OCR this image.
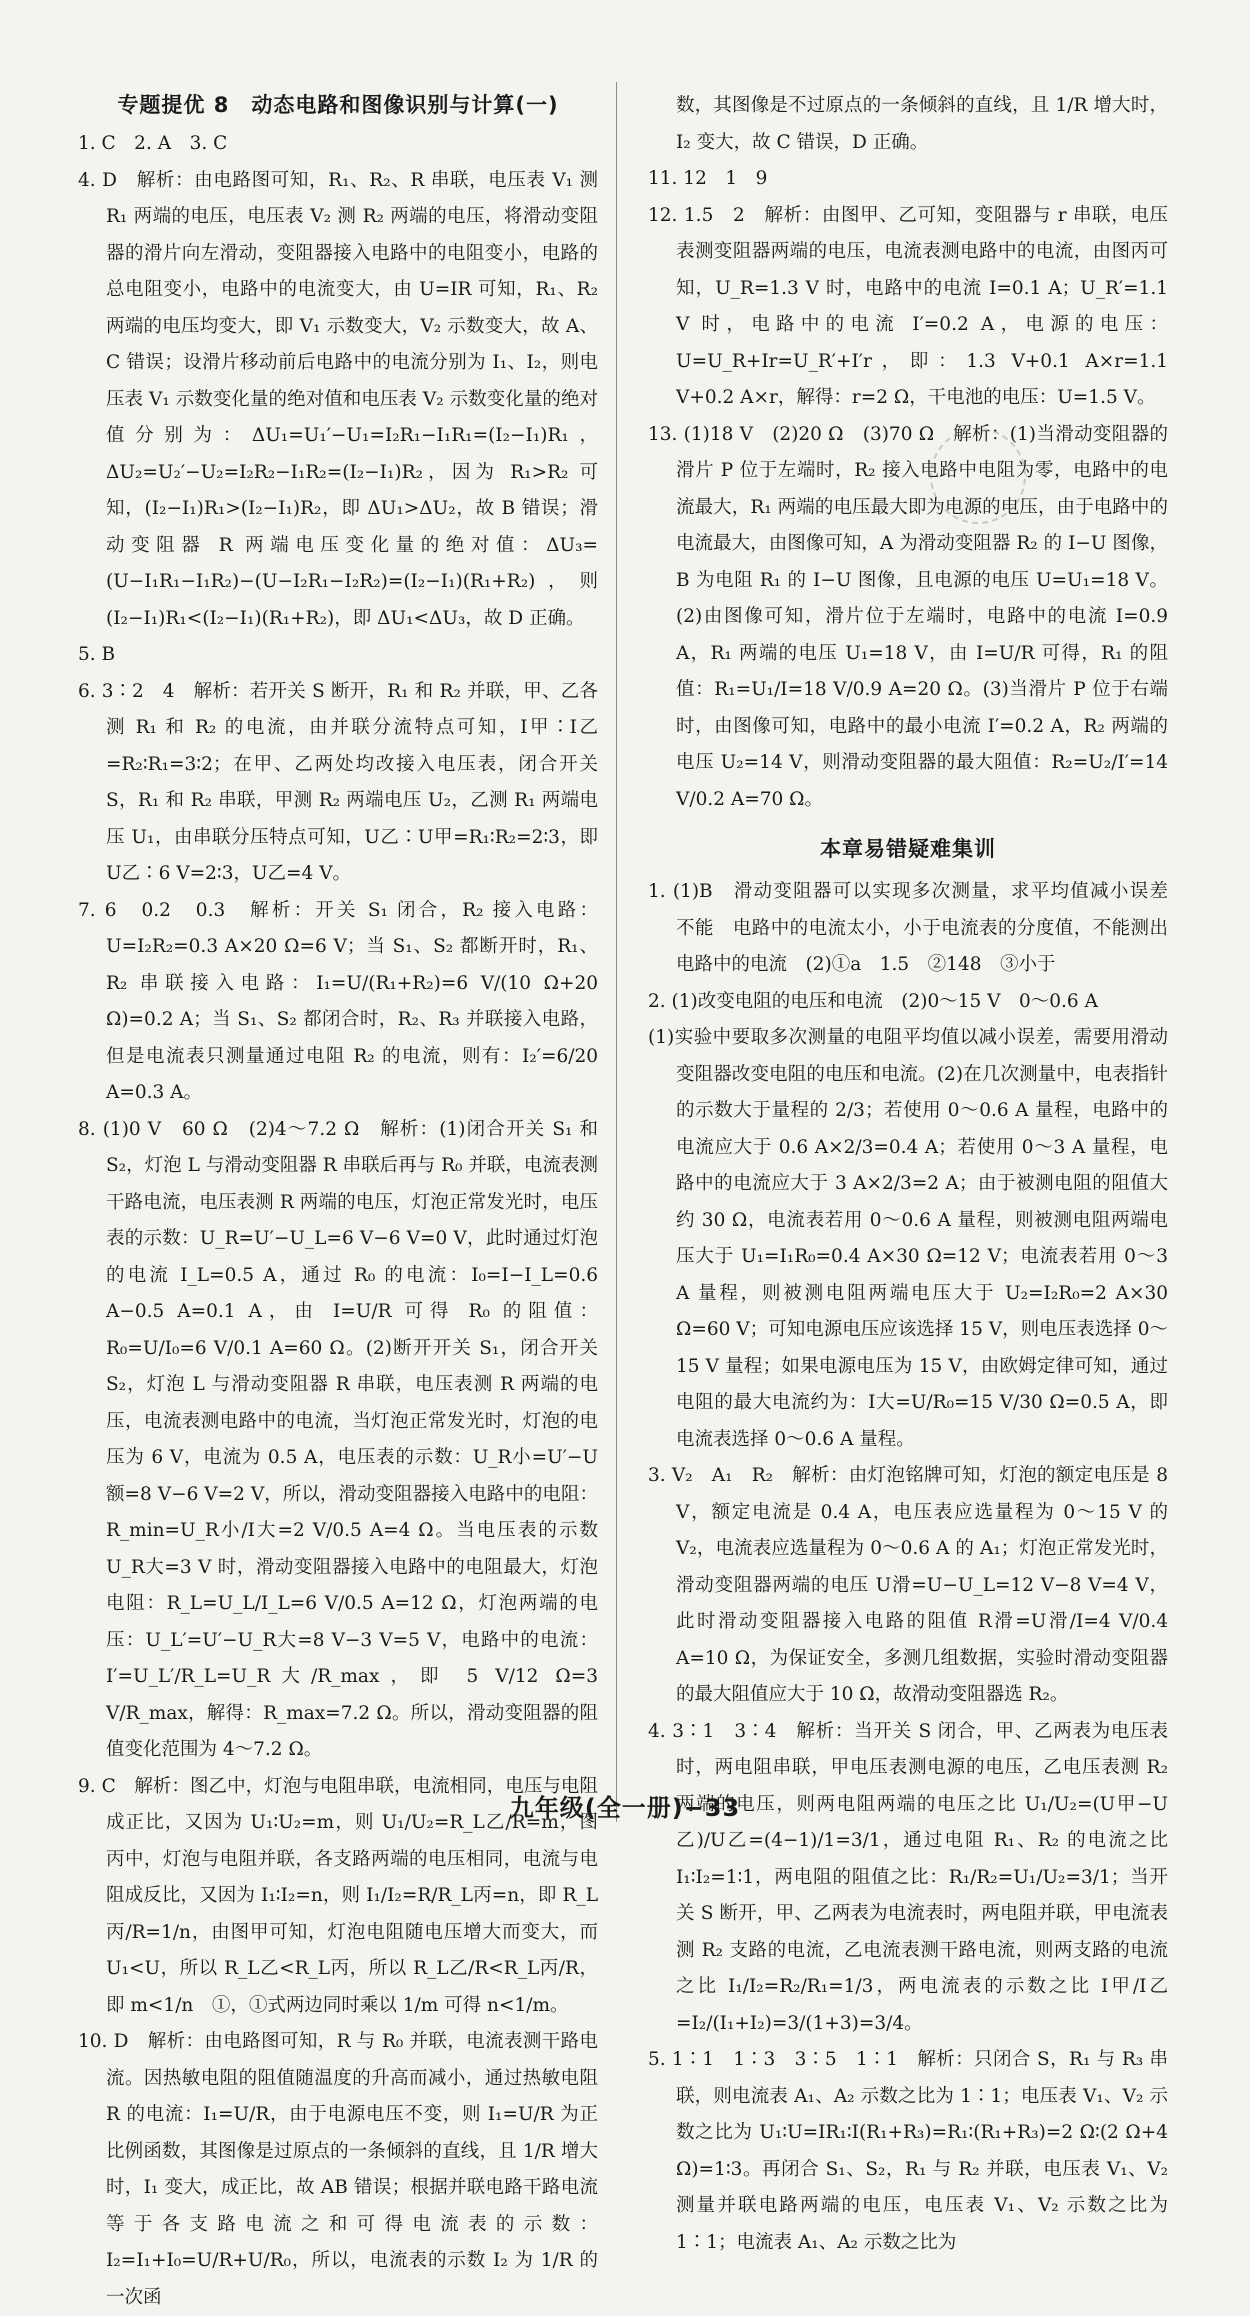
专题提优 8　动态电路和图像识别与计算(一)

1. C　2. A　3. C

4. D　解析：由电路图可知，R₁、R₂、R 串联，电压表 V₁ 测 R₁ 两端的电压，电压表 V₂ 测 R₂ 两端的电压，将滑动变阻器的滑片向左滑动，变阻器接入电路中的电阻变小，电路的总电阻变小，电路中的电流变大，由 U=IR 可知，R₁、R₂ 两端的电压均变大，即 V₁ 示数变大，V₂ 示数变大，故 A、C 错误；设滑片移动前后电路中的电流分别为 I₁、I₂，则电压表 V₁ 示数变化量的绝对值和电压表 V₂ 示数变化量的绝对值分别为：ΔU₁=U₁′−U₁=I₂R₁−I₁R₁=(I₂−I₁)R₁，ΔU₂=U₂′−U₂=I₂R₂−I₁R₂=(I₂−I₁)R₂，因为 R₁>R₂ 可知，(I₂−I₁)R₁>(I₂−I₁)R₂，即 ΔU₁>ΔU₂，故 B 错误；滑动变阻器 R 两端电压变化量的绝对值：ΔU₃=(U−I₁R₁−I₁R₂)−(U−I₂R₁−I₂R₂)=(I₂−I₁)(R₁+R₂)，则 (I₂−I₁)R₁<(I₂−I₁)(R₁+R₂)，即 ΔU₁<ΔU₃，故 D 正确。

5. B

6. 3∶2　4　解析：若开关 S 断开，R₁ 和 R₂ 并联，甲、乙各测 R₁ 和 R₂ 的电流，由并联分流特点可知，I甲∶I乙=R₂∶R₁=3∶2；在甲、乙两处均改接入电压表，闭合开关 S，R₁ 和 R₂ 串联，甲测 R₂ 两端电压 U₂，乙测 R₁ 两端电压 U₁，由串联分压特点可知，U乙∶U甲=R₁∶R₂=2∶3，即 U乙∶6 V=2∶3，U乙=4 V。

7. 6　0.2　0.3　解析：开关 S₁ 闭合，R₂ 接入电路：U=I₂R₂=0.3 A×20 Ω=6 V；当 S₁、S₂ 都断开时，R₁、R₂ 串联接入电路：I₁=U/(R₁+R₂)=6 V/(10 Ω+20 Ω)=0.2 A；当 S₁、S₂ 都闭合时，R₂、R₃ 并联接入电路，但是电流表只测量通过电阻 R₂ 的电流，则有：I₂′=6/20 A=0.3 A。

8. (1)0 V　60 Ω　(2)4～7.2 Ω　解析：(1)闭合开关 S₁ 和 S₂，灯泡 L 与滑动变阻器 R 串联后再与 R₀ 并联，电流表测干路电流，电压表测 R 两端的电压，灯泡正常发光时，电压表的示数：U_R=U′−U_L=6 V−6 V=0 V，此时通过灯泡的电流 I_L=0.5 A，通过 R₀ 的电流：I₀=I−I_L=0.6 A−0.5 A=0.1 A，由 I=U/R 可得 R₀ 的阻值：R₀=U/I₀=6 V/0.1 A=60 Ω。(2)断开开关 S₁，闭合开关 S₂，灯泡 L 与滑动变阻器 R 串联，电压表测 R 两端的电压，电流表测电路中的电流，当灯泡正常发光时，灯泡的电压为 6 V，电流为 0.5 A，电压表的示数：U_R小=U′−U额=8 V−6 V=2 V，所以，滑动变阻器接入电路中的电阻：R_min=U_R小/I大=2 V/0.5 A=4 Ω。当电压表的示数 U_R大=3 V 时，滑动变阻器接入电路中的电阻最大，灯泡电阻：R_L=U_L/I_L=6 V/0.5 A=12 Ω，灯泡两端的电压：U_L′=U′−U_R大=8 V−3 V=5 V，电路中的电流：I′=U_L′/R_L=U_R大/R_max，即 5 V/12 Ω=3 V/R_max，解得：R_max=7.2 Ω。所以，滑动变阻器的阻值变化范围为 4～7.2 Ω。

9. C　解析：图乙中，灯泡与电阻串联，电流相同，电压与电阻成正比，又因为 U₁∶U₂=m，则 U₁/U₂=R_L乙/R=m，图丙中，灯泡与电阻并联，各支路两端的电压相同，电流与电阻成反比，又因为 I₁∶I₂=n，则 I₁/I₂=R/R_L丙=n，即 R_L丙/R=1/n，由图甲可知，灯泡电阻随电压增大而变大，而 U₁<U，所以 R_L乙<R_L丙，所以 R_L乙/R<R_L丙/R，即 m<1/n　①，①式两边同时乘以 1/m 可得 n<1/m。

10. D　解析：由电路图可知，R 与 R₀ 并联，电流表测干路电流。因热敏电阻的阻值随温度的升高而减小，通过热敏电阻 R 的电流：I₁=U/R，由于电源电压不变，则 I₁=U/R 为正比例函数，其图像是过原点的一条倾斜的直线，且 1/R 增大时，I₁ 变大，成正比，故 AB 错误；根据并联电路干路电流等于各支路电流之和可得电流表的示数：I₂=I₁+I₀=U/R+U/R₀，所以，电流表的示数 I₂ 为 1/R 的一次函

数，其图像是不过原点的一条倾斜的直线，且 1/R 增大时，I₂ 变大，故 C 错误，D 正确。

11. 12　1　9

12. 1.5　2　解析：由图甲、乙可知，变阻器与 r 串联，电压表测变阻器两端的电压，电流表测电路中的电流，由图丙可知，U_R=1.3 V 时，电路中的电流 I=0.1 A；U_R′=1.1 V 时，电路中的电流 I′=0.2 A，电源的电压：U=U_R+Ir=U_R′+I′r，即：1.3 V+0.1 A×r=1.1 V+0.2 A×r，解得：r=2 Ω，干电池的电压：U=1.5 V。

13. (1)18 V　(2)20 Ω　(3)70 Ω　解析：(1)当滑动变阻器的滑片 P 位于左端时，R₂ 接入电路中电阻为零，电路中的电流最大，R₁ 两端的电压最大即为电源的电压，由于电路中的电流最大，由图像可知，A 为滑动变阻器 R₂ 的 I−U 图像，B 为电阻 R₁ 的 I−U 图像，且电源的电压 U=U₁=18 V。(2)由图像可知，滑片位于左端时，电路中的电流 I=0.9 A，R₁ 两端的电压 U₁=18 V，由 I=U/R 可得，R₁ 的阻值：R₁=U₁/I=18 V/0.9 A=20 Ω。(3)当滑片 P 位于右端时，由图像可知，电路中的最小电流 I′=0.2 A，R₂ 两端的电压 U₂=14 V，则滑动变阻器的最大阻值：R₂=U₂/I′=14 V/0.2 A=70 Ω。

本章易错疑难集训

1. (1)B　滑动变阻器可以实现多次测量，求平均值减小误差　不能　电路中的电流太小，小于电流表的分度值，不能测出电路中的电流　(2)①a　1.5　②148　③小于

2. (1)改变电阻的电压和电流　(2)0～15 V　0～0.6 A

(1)实验中要取多次测量的电阻平均值以减小误差，需要用滑动变阻器改变电阻的电压和电流。(2)在几次测量中，电表指针的示数大于量程的 2/3；若使用 0～0.6 A 量程，电路中的电流应大于 0.6 A×2/3=0.4 A；若使用 0～3 A 量程，电路中的电流应大于 3 A×2/3=2 A；由于被测电阻的阻值大约 30 Ω，电流表若用 0～0.6 A 量程，则被测电阻两端电压大于 U₁=I₁R₀=0.4 A×30 Ω=12 V；电流表若用 0～3 A 量程，则被测电阻两端电压大于 U₂=I₂R₀=2 A×30 Ω=60 V；可知电源电压应该选择 15 V，则电压表选择 0～15 V 量程；如果电源电压为 15 V，由欧姆定律可知，通过电阻的最大电流约为：I大=U/R₀=15 V/30 Ω=0.5 A，即电流表选择 0～0.6 A 量程。

3. V₂　A₁　R₂　解析：由灯泡铭牌可知，灯泡的额定电压是 8 V，额定电流是 0.4 A，电压表应选量程为 0～15 V 的 V₂，电流表应选量程为 0～0.6 A 的 A₁；灯泡正常发光时，滑动变阻器两端的电压 U滑=U−U_L=12 V−8 V=4 V，此时滑动变阻器接入电路的阻值 R滑=U滑/I=4 V/0.4 A=10 Ω，为保证安全，多测几组数据，实验时滑动变阻器的最大阻值应大于 10 Ω，故滑动变阻器选 R₂。

4. 3∶1　3∶4　解析：当开关 S 闭合，甲、乙两表为电压表时，两电阻串联，甲电压表测电源的电压，乙电压表测 R₂ 两端的电压，则两电阻两端的电压之比 U₁/U₂=(U甲−U乙)/U乙=(4−1)/1=3/1，通过电阻 R₁、R₂ 的电流之比 I₁∶I₂=1∶1，两电阻的阻值之比：R₁/R₂=U₁/U₂=3/1；当开关 S 断开，甲、乙两表为电流表时，两电阻并联，甲电流表测 R₂ 支路的电流，乙电流表测干路电流，则两支路的电流之比 I₁/I₂=R₂/R₁=1/3，两电流表的示数之比 I甲/I乙=I₂/(I₁+I₂)=3/(1+3)=3/4。

5. 1∶1　1∶3　3∶5　1∶1　解析：只闭合 S，R₁ 与 R₃ 串联，则电流表 A₁、A₂ 示数之比为 1∶1；电压表 V₁、V₂ 示数之比为 U₁∶U=IR₁∶I(R₁+R₃)=R₁∶(R₁+R₃)=2 Ω∶(2 Ω+4 Ω)=1∶3。再闭合 S₁、S₂，R₁ 与 R₂ 并联，电压表 V₁、V₂ 测量并联电路两端的电压，电压表 V₁、V₂ 示数之比为 1∶1；电流表 A₁、A₂ 示数之比为

九年级(全一册)−33
